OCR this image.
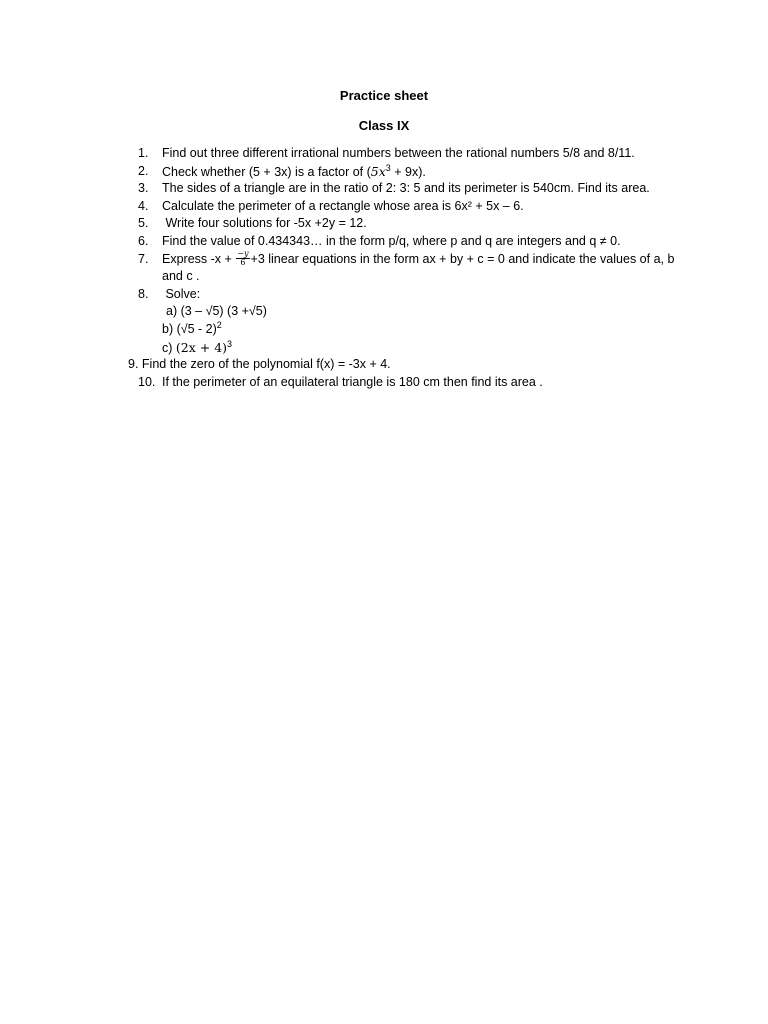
Practice sheet
Class IX
1. Find out three different irrational numbers between the rational numbers 5/8 and 8/11.
2. Check whether (5 + 3x) is a factor of $(5x^3 + 9x)$.
3. The sides of a triangle are in the ratio of 2: 3: 5 and its perimeter is 540cm. Find its area.
4. Calculate the perimeter of a rectangle whose area is 6x² + 5x – 6.
5. Write four solutions for -5x +2y = 12.
6. Find the value of 0.434343… in the form p/q, where p and q are integers and q ≠ 0.
7. Express $-x + \frac{-y}{6} +3$ linear equations in the form ax + by + c = 0 and indicate the values of a, b and c .
8. Solve:
a) (3 – √5) (3 +√5)
b) (√5 - 2)$^2$
c) $(2x + 4)^3$
9. Find the zero of the polynomial f(x) = -3x + 4.
10. If the perimeter of an equilateral triangle is 180 cm then find its area .
